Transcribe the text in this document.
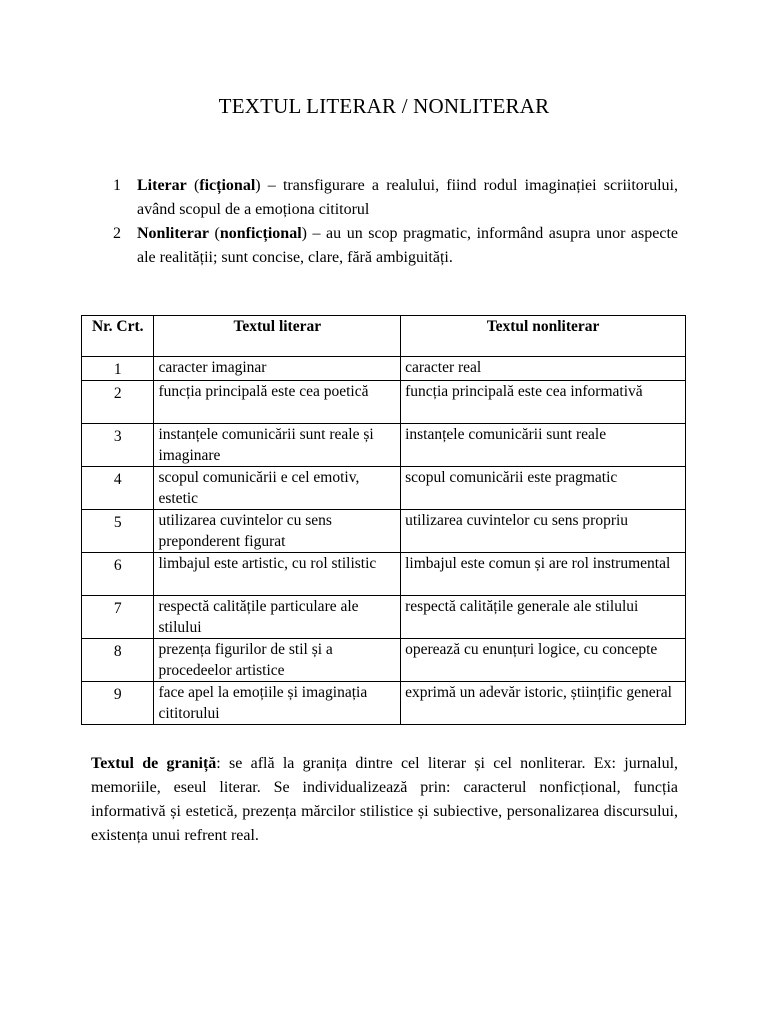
TEXTUL LITERAR / NONLITERAR
1 Literar (ficțional) – transfigurare a realului, fiind rodul imaginației scriitorului, având scopul de a emoționa cititorul
2 Nonliterar (nonficțional) – au un scop pragmatic, informând asupra unor aspecte ale realității; sunt concise, clare, fără ambiguități.
Nr. Crt.	Textul literar	Textul nonliterar
1	caracter imaginar	caracter real
2	funcția principală este cea poetică	funcția principală este cea informativă
3	instanțele comunicării sunt reale și imaginare	instanțele comunicării sunt reale
4	scopul comunicării e cel emotiv, estetic	scopul comunicării este pragmatic
5	utilizarea cuvintelor cu sens preponderent figurat	utilizarea cuvintelor cu sens propriu
6	limbajul este artistic, cu rol stilistic	limbajul este comun și are rol instrumental
7	respectă calitățile particulare ale stilului	respectă calitățile generale ale stilului
8	prezența figurilor de stil și a procedeelor artistice	operează cu enunțuri logice, cu concepte
9	face apel la emoțiile și imaginația cititorului	exprimă un adevăr istoric, științific general

Textul de graniță: se află la granița dintre cel literar și cel nonliterar. Ex: jurnalul, memoriile, eseul literar. Se individualizează prin: caracterul nonficțional, funcția informativă și estetică, prezența mărcilor stilistice și subiective, personalizarea discursului, existența unui refrent real.
